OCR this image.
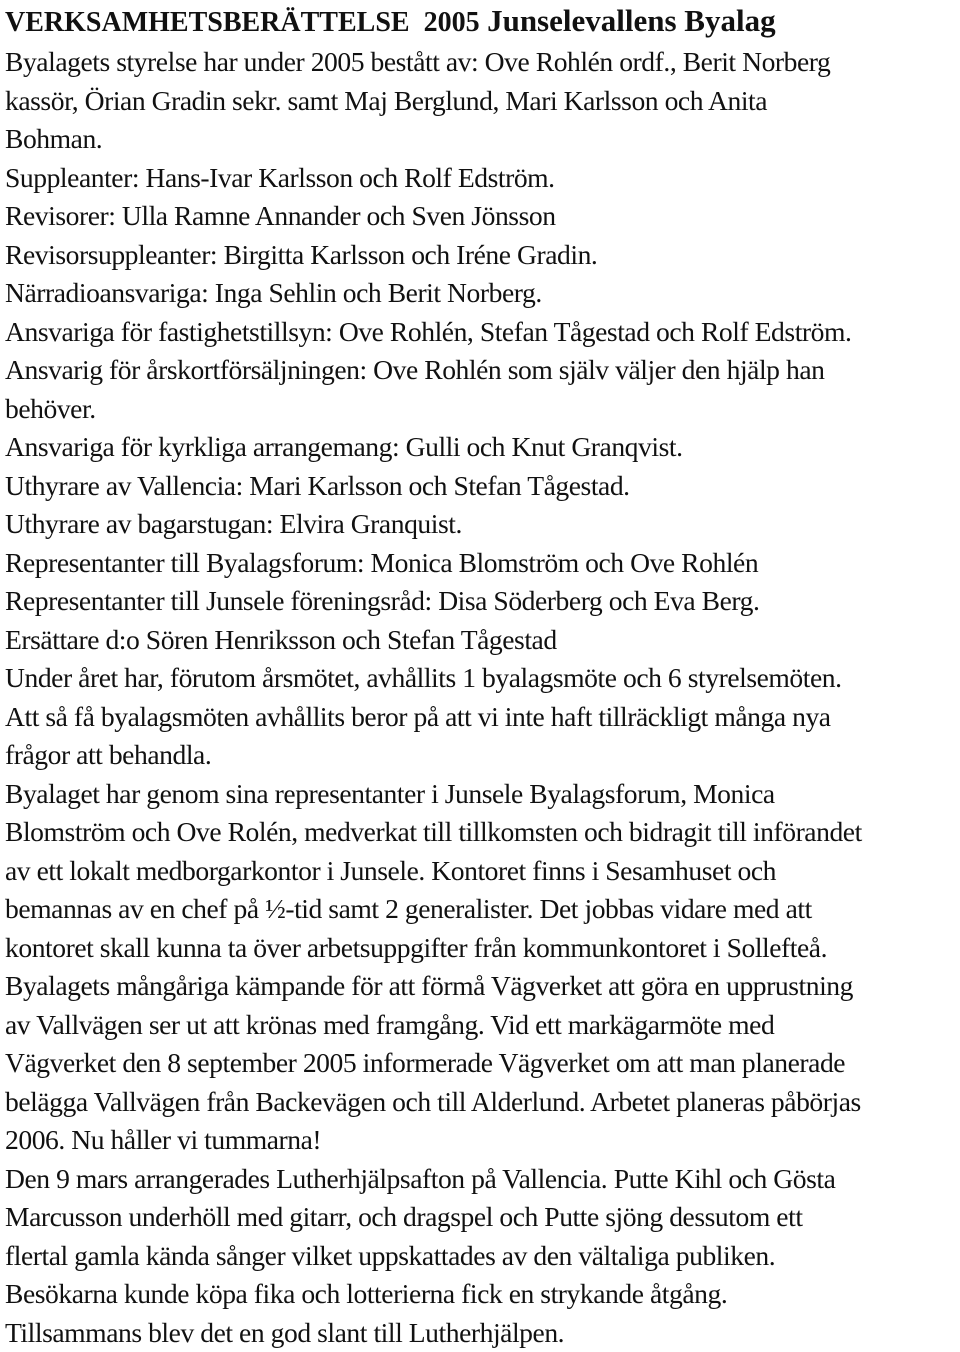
VERKSAMHETSBERÄTTELSE 2005 Junselevallens Byalag
Byalagets styrelse har under 2005 bestått av: Ove Rohlén ordf., Berit Norberg
kassör, Örian Gradin sekr. samt Maj Berglund, Mari Karlsson och Anita
Bohman.
Suppleanter: Hans-Ivar Karlsson och Rolf Edström.
Revisorer: Ulla Ramne Annander och Sven Jönsson
Revisorsuppleanter: Birgitta Karlsson och Iréne Gradin.
Närradioansvariga: Inga Sehlin och Berit Norberg.
Ansvariga för fastighetstillsyn: Ove Rohlén, Stefan Tågestad och Rolf Edström.
Ansvarig för årskortförsäljningen: Ove Rohlén som själv väljer den hjälp han
behöver.
Ansvariga för kyrkliga arrangemang: Gulli och Knut Granqvist.
Uthyrare av Vallencia: Mari Karlsson och Stefan Tågestad.
Uthyrare av bagarstugan: Elvira Granquist.
Representanter till Byalagsforum: Monica Blomström och Ove Rohlén
Representanter till Junsele föreningsråd: Disa Söderberg och Eva Berg.
Ersättare d:o Sören Henriksson och Stefan Tågestad
Under året har, förutom årsmötet, avhållits 1 byalagsmöte och 6 styrelsemöten.
Att så få byalagsmöten avhållits beror på att vi inte haft tillräckligt många nya
frågor att behandla.
Byalaget har genom sina representanter i Junsele Byalagsforum, Monica
Blomström och Ove Rolén, medverkat till tillkomsten och bidragit till införandet
av ett lokalt medborgarkontor i Junsele. Kontoret finns i Sesamhuset och
bemannas av en chef på ½-tid samt 2 generalister. Det jobbas vidare med att
kontoret skall kunna ta över arbetsuppgifter från kommunkontoret i Sollefteå.
Byalagets mångåriga kämpande för att förmå Vägverket att göra en upprustning
av Vallvägen ser ut att krönas med framgång. Vid ett markägarmöte med
Vägverket den 8 september 2005 informerade Vägverket om att man planerade
belägga Vallvägen från Backevägen och till Alderlund. Arbetet planeras påbörjas
2006. Nu håller vi tummarna!
Den 9 mars arrangerades Lutherhjälpsafton på Vallencia. Putte Kihl och Gösta
Marcusson underhöll med gitarr, och dragspel och Putte sjöng dessutom ett
flertal gamla kända sånger vilket uppskattades av den vältaliga publiken.
Besökarna kunde köpa fika och lotterierna fick en strykande åtgång.
Tillsammans blev det en god slant till Lutherhjälpen.
